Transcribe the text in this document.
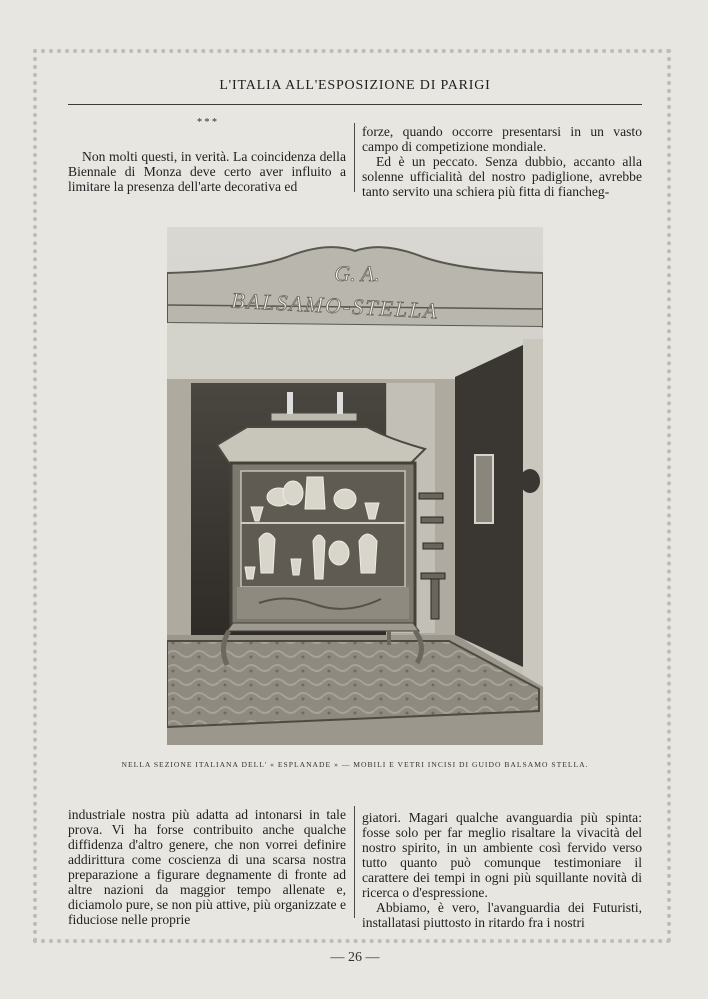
L'ITALIA ALL'ESPOSIZIONE DI PARIGI
* * *

Non molti questi, in verità. La coincidenza della Biennale di Monza deve certo aver influito a limitare la presenza dell'arte decorativa ed

forze, quando occorre presentarsi in un vasto campo di competizione mondiale.

Ed è un peccato. Senza dubbio, accanto alla solenne ufficialità del nostro padiglione, avrebbe tanto servito una schiera più fitta di fiancheg-

G. A.
BALSAMO-STELLA
NELLA SEZIONE ITALIANA DELL' « ESPLANADE » — MOBILI E VETRI INCISI DI GUIDO BALSAMO STELLA.

industriale nostra più adatta ad intonarsi in tale prova. Vi ha forse contribuito anche qualche diffidenza d'altro genere, che non vorrei definire addirittura come coscienza di una scarsa nostra preparazione a figurare degnamente di fronte ad altre nazioni da maggior tempo allenate e, diciamolo pure, se non più attive, più organizzate e fiduciose nelle proprie

giatori. Magari qualche avanguardia più spinta: fosse solo per far meglio risaltare la vivacità del nostro spirito, in un ambiente così fervido verso tutto quanto può comunque testimoniare il carattere dei tempi in ogni più squillante novità di ricerca o d'espressione.

Abbiamo, è vero, l'avanguardia dei Futuristi, installatasi piuttosto in ritardo fra i nostri

— 26 —
